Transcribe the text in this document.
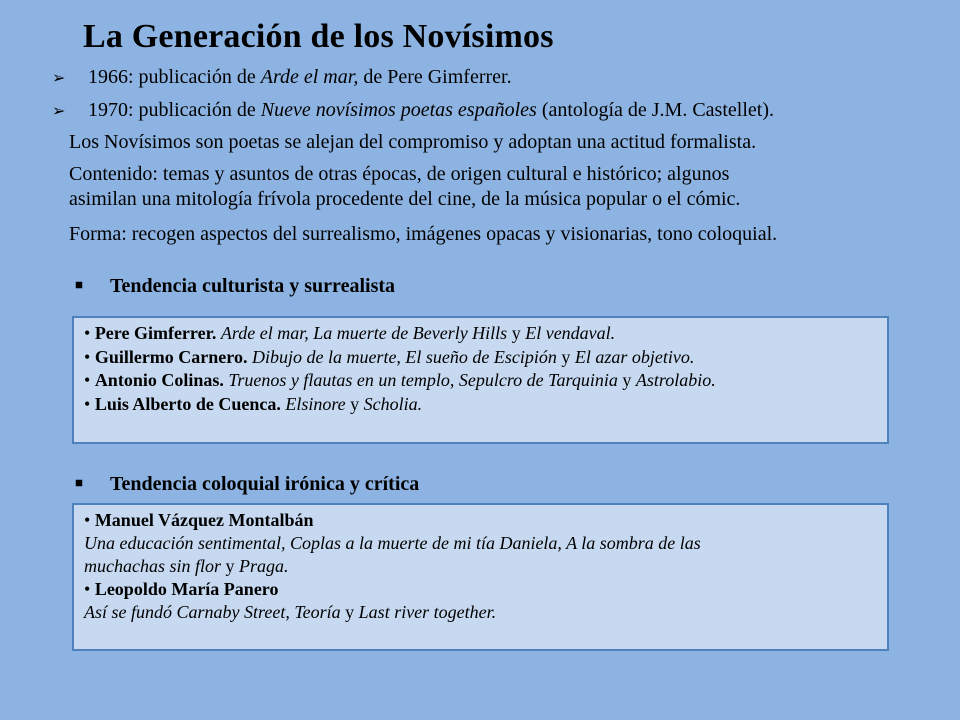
La Generación de los Novísimos
➢ 1966: publicación de Arde el mar, de Pere Gimferrer.
➢ 1970: publicación de Nueve novísimos poetas españoles (antología de J.M. Castellet).
Los Novísimos son poetas se alejan del compromiso y adoptan una actitud formalista.
Contenido: temas y asuntos de otras épocas, de origen cultural e histórico; algunos
asimilan una mitología frívola procedente del cine, de la música popular o el cómic.
Forma: recogen aspectos del surrealismo, imágenes opacas y visionarias, tono coloquial.
Tendencia culturista y surrealista
• Pere Gimferrer. Arde el mar, La muerte de Beverly Hills y El vendaval.
• Guillermo Carnero. Dibujo de la muerte, El sueño de Escipión y El azar objetivo.
• Antonio Colinas. Truenos y flautas en un templo, Sepulcro de Tarquinia y Astrolabio.
• Luis Alberto de Cuenca. Elsinore y Scholia.
Tendencia coloquial irónica y crítica
• Manuel Vázquez Montalbán
Una educación sentimental, Coplas a la muerte de mi tía Daniela, A la sombra de las
muchachas sin flor y Praga.
• Leopoldo María Panero
Así se fundó Carnaby Street, Teoría y Last river together.
